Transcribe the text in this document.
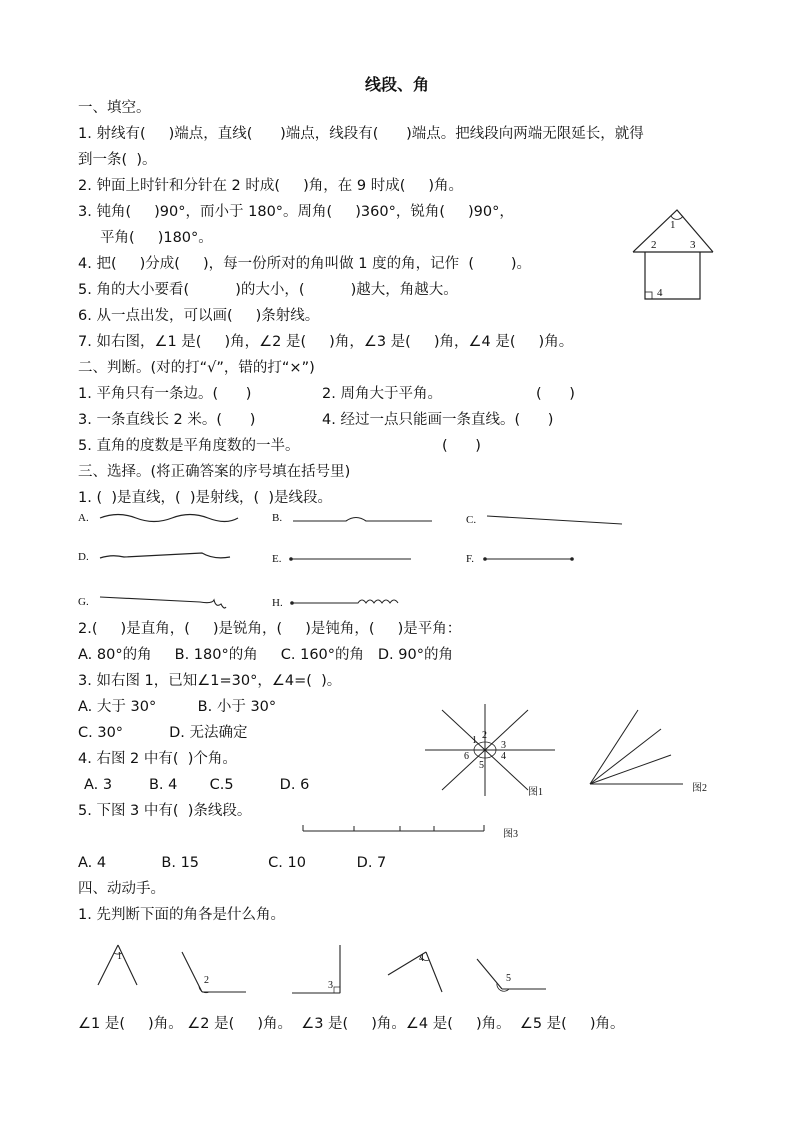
线段、角
一、填空。
1. 射线有(     )端点，直线(      )端点，线段有(      )端点。把线段向两端无限延长，就得
到一条(  )。
2. 钟面上时针和分针在 2 时成(     )角，在 9 时成(     )角。
3. 钝角(     )90°，而小于 180°。周角(     )360°，锐角(     )90°，
平角(     )180°。
4. 把(     )分成(     )，每一份所对的角叫做 1 度的角，记作  (        )。
5. 角的大小要看(          )的大小，(          )越大，角越大。
6. 从一点出发，可以画(     )条射线。
7. 如右图，∠1 是(     )角，∠2 是(     )角，∠3 是(     )角，∠4 是(     )角。
1
2	3
4
二、判断。(对的打“√”，错的打“×”)
1. 平角只有一条边。(      )	2. 周角大于平角。	(      )
3. 一条直线长 2 米。(      )	4. 经过一点只能画一条直线。(      )
5. 直角的度数是平角度数的一半。	(      )
三、选择。(将正确答案的序号填在括号里)
1. (  )是直线，(  )是射线，(  )是线段。
A.	B.	C.
D.	E.	F.
G.	H.
2.(     )是直角，(     )是锐角，(     )是钝角，(     )是平角：
A. 80°的角     B. 180°的角     C. 160°的角   D. 90°的角
3. 如右图 1，已知∠1=30°，∠4=(  )。
A. 大于 30°         B. 小于 30°
C. 30°          D. 无法确定
4. 右图 2 中有(  )个角。
A. 3        B. 4       C.5          D. 6
5. 下图 3 中有(  )条线段。
A. 4            B. 15               C. 10           D. 7
1 2
3
4
5
6
图1	图2
图3
四、动动手。
1. 先判断下面的角各是什么角。
1
2	3
4
5
∠1 是(     )角。 ∠2 是(     )角。  ∠3 是(     )角。∠4 是(     )角。  ∠5 是(     )角。
